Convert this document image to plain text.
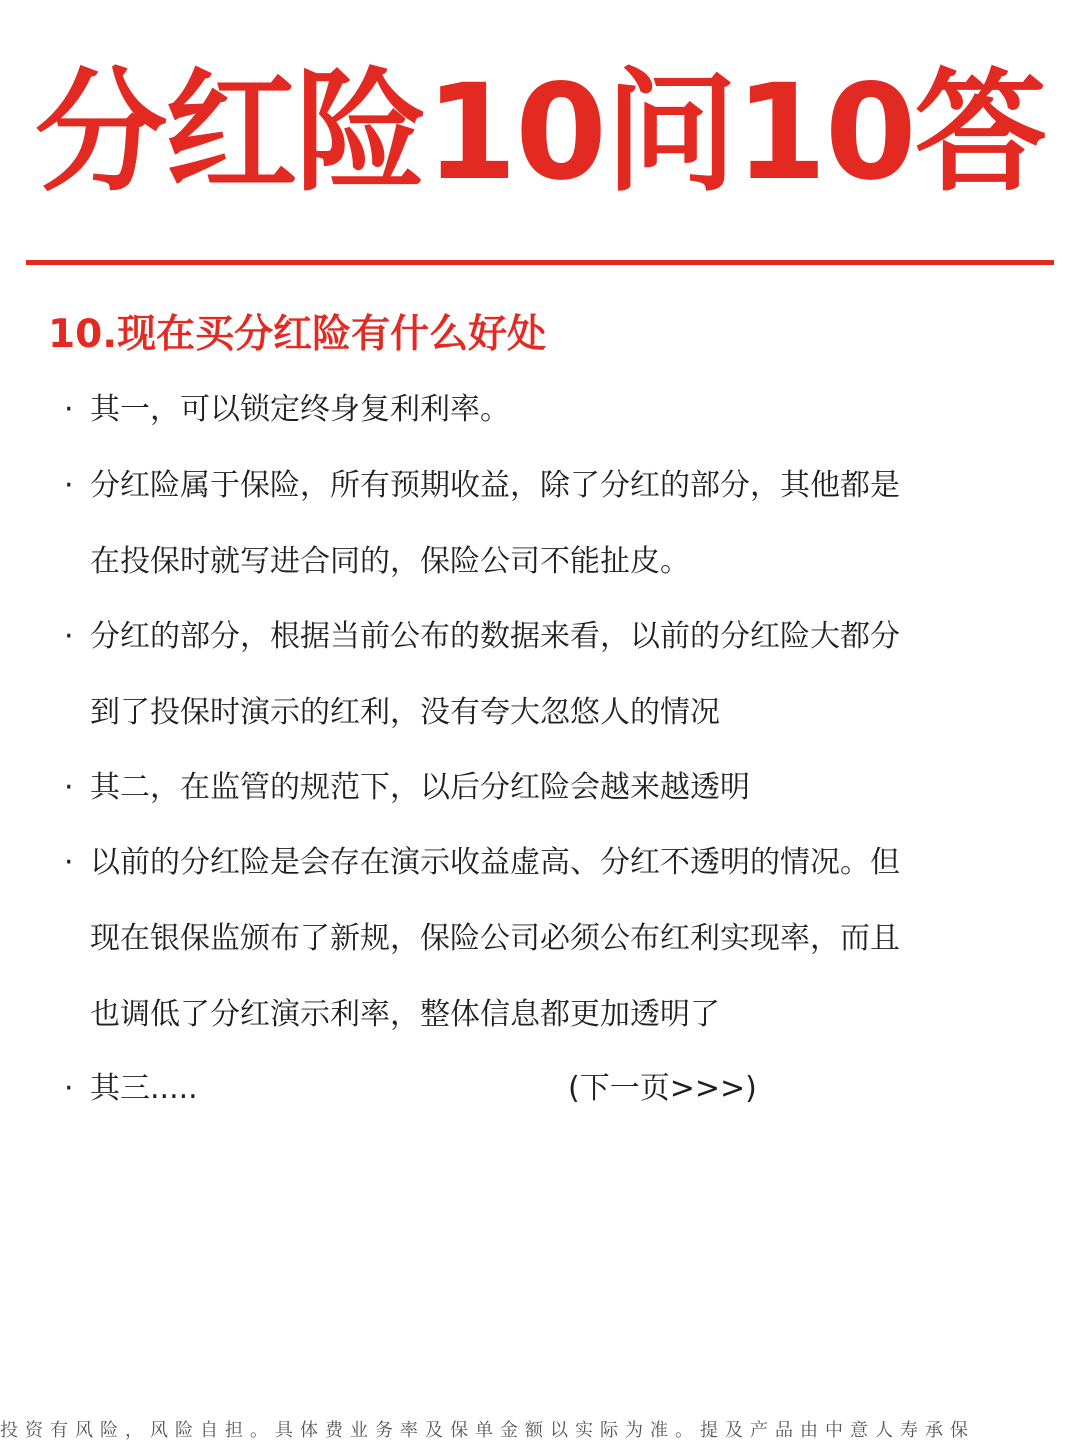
分红险10问10答
10.现在买分红险有什么好处
· 其一，可以锁定终身复利利率。
· 分红险属于保险，所有预期收益，除了分红的部分，其他都是
在投保时就写进合同的，保险公司不能扯皮。
· 分红的部分，根据当前公布的数据来看，以前的分红险大都分
到了投保时演示的红利，没有夸大忽悠人的情况
· 其二，在监管的规范下，以后分红险会越来越透明
· 以前的分红险是会存在演示收益虚高、分红不透明的情况。但
现在银保监颁布了新规，保险公司必须公布红利实现率，而且
也调低了分红演示利率，整体信息都更加透明了
· 其三.....	(下一页>>>)
投资有风险，风险自担。具体费业务率及保单金额以实际为准。提及产品由中意人寿承保
